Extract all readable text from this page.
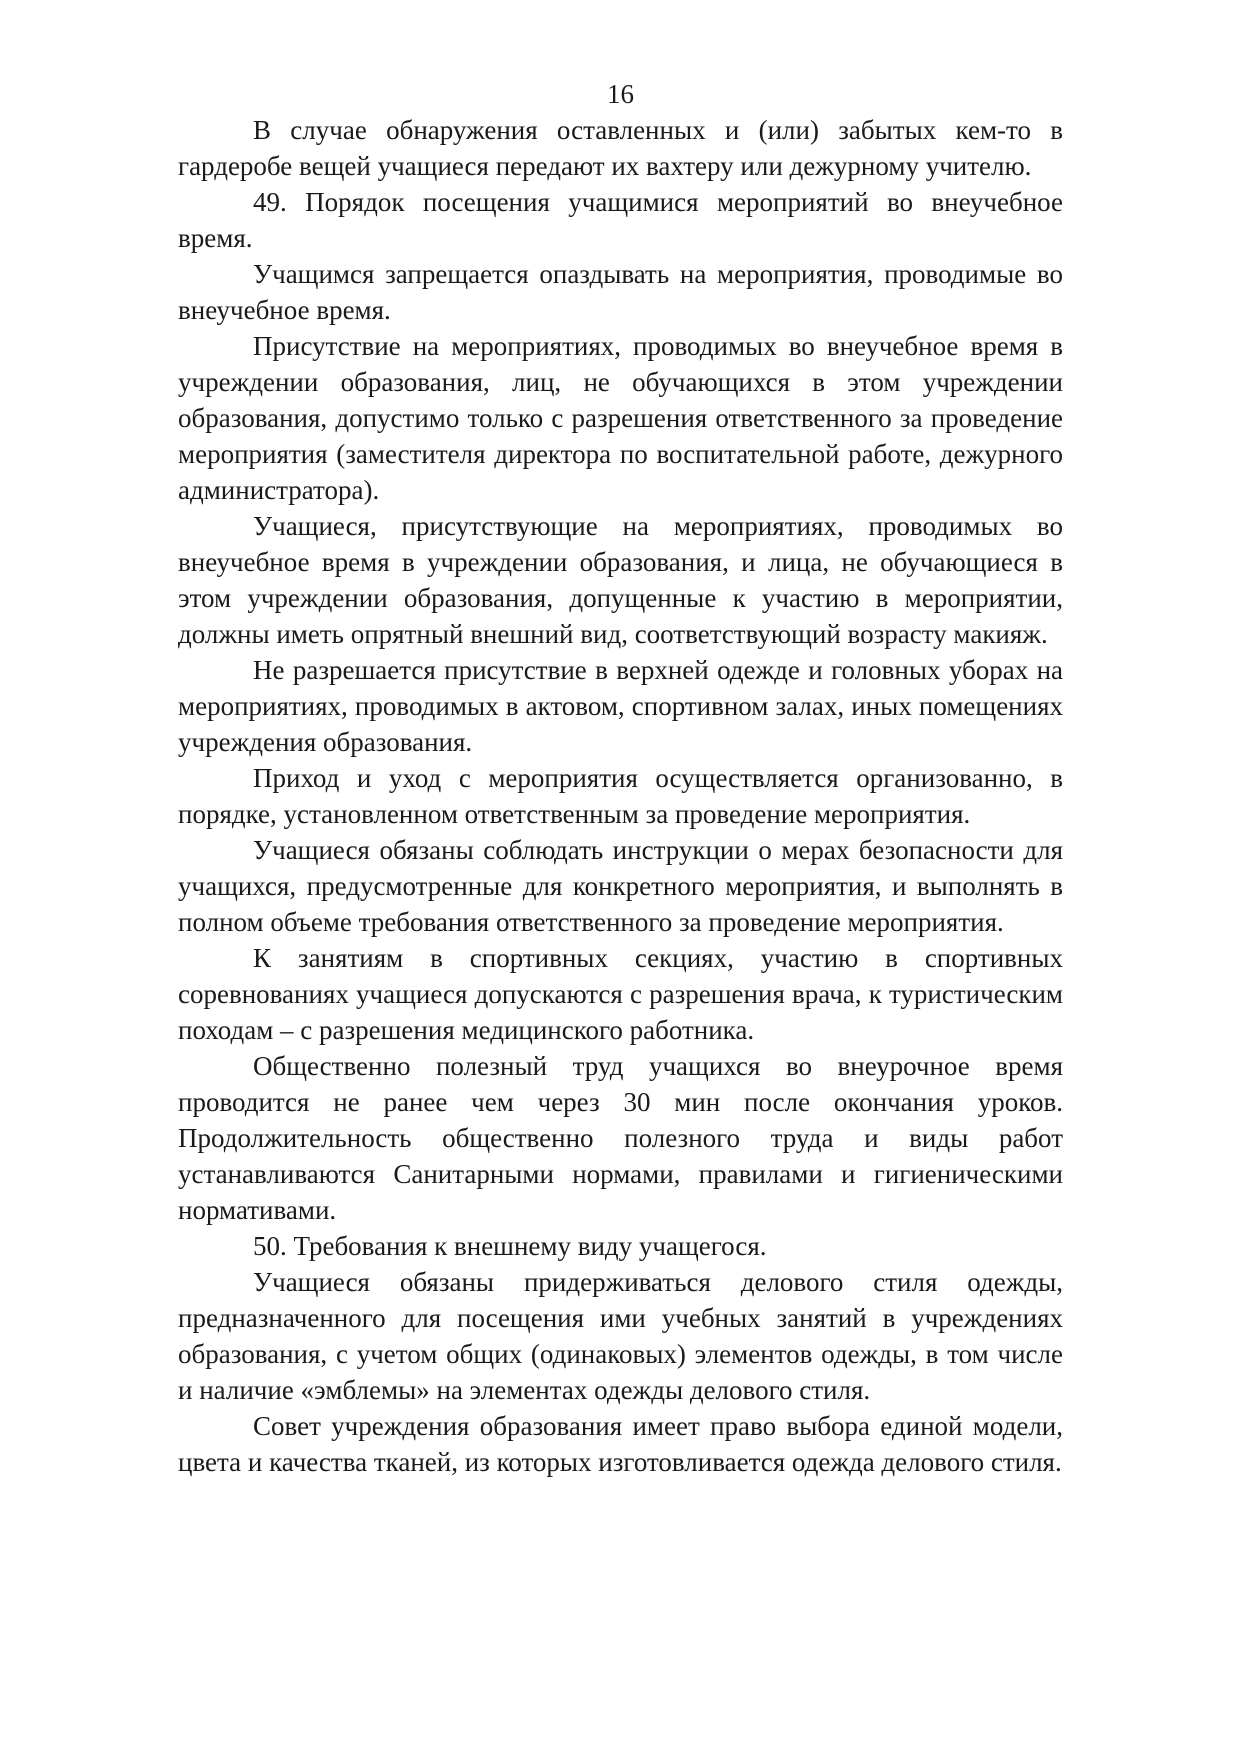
16

В случае обнаружения оставленных и (или) забытых кем-то в гардеробе вещей учащиеся передают их вахтеру или дежурному учителю.

49. Порядок посещения учащимися мероприятий во внеучебное время.

Учащимся запрещается опаздывать на мероприятия, проводимые во внеучебное время.

Присутствие на мероприятиях, проводимых во внеучебное время в учреждении образования, лиц, не обучающихся в этом учреждении образования, допустимо только с разрешения ответственного за проведение мероприятия (заместителя директора по воспитательной работе, дежурного администратора).

Учащиеся, присутствующие на мероприятиях, проводимых во внеучебное время в учреждении образования, и лица, не обучающиеся в этом учреждении образования, допущенные к участию в мероприятии, должны иметь опрятный внешний вид, соответствующий возрасту макияж.

Не разрешается присутствие в верхней одежде и головных уборах на мероприятиях, проводимых в актовом, спортивном залах, иных помещениях учреждения образования.

Приход и уход с мероприятия осуществляется организованно, в порядке, установленном ответственным за проведение мероприятия.

Учащиеся обязаны соблюдать инструкции о мерах безопасности для учащихся, предусмотренные для конкретного мероприятия, и выполнять в полном объеме требования ответственного за проведение мероприятия.

К занятиям в спортивных секциях, участию в спортивных соревнованиях учащиеся допускаются с разрешения врача, к туристическим походам – с разрешения медицинского работника.

Общественно полезный труд учащихся во внеурочное время проводится не ранее чем через 30 мин после окончания уроков. Продолжительность общественно полезного труда и виды работ устанавливаются Санитарными нормами, правилами и гигиеническими нормативами.

50. Требования к внешнему виду учащегося.

Учащиеся обязаны придерживаться делового стиля одежды, предназначенного для посещения ими учебных занятий в учреждениях образования, с учетом общих (одинаковых) элементов одежды, в том числе и наличие «эмблемы» на элементах одежды делового стиля.

Совет учреждения образования имеет право выбора единой модели, цвета и качества тканей, из которых изготовливается одежда делового стиля.
